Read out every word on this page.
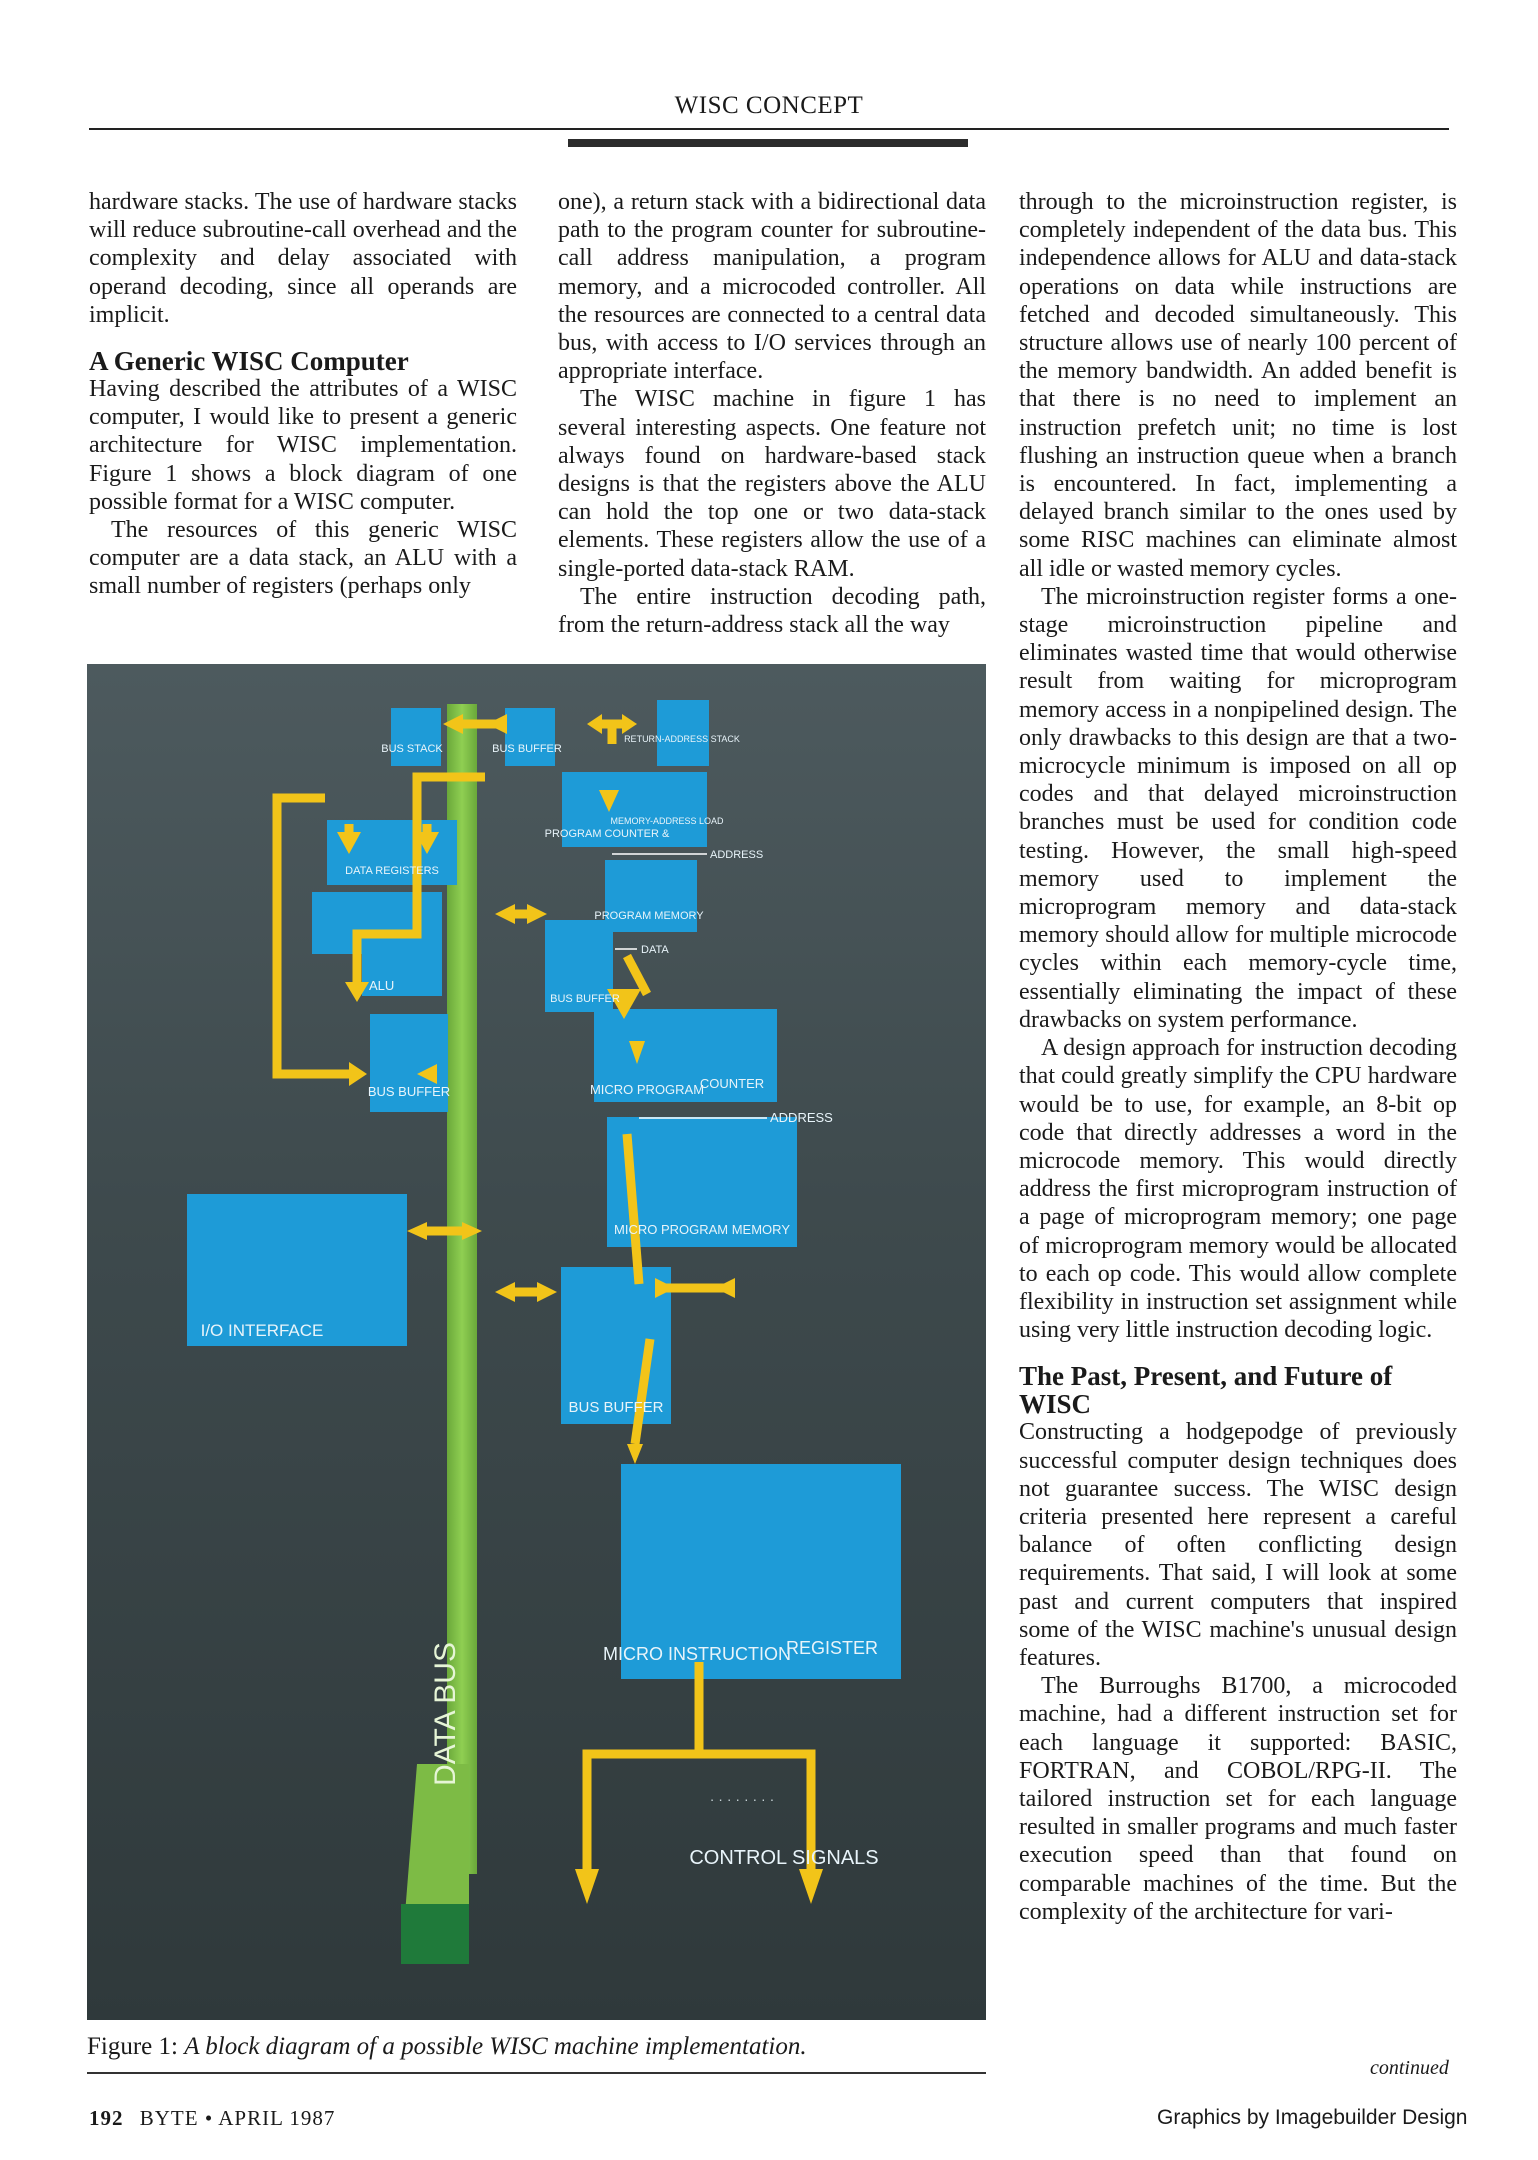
WISC CONCEPT

hardware stacks. The use of hardware stacks will reduce subroutine-call overhead and the complexity and delay associated with operand decoding, since all operands are implicit.

A Generic WISC Computer

Having described the attributes of a WISC computer, I would like to present a generic architecture for WISC implementation. Figure 1 shows a block diagram of one possible format for a WISC computer.

The resources of this generic WISC computer are a data stack, an ALU with a small number of registers (perhaps only

one), a return stack with a bidirectional data path to the program counter for subroutine-call address manipulation, a program memory, and a microcoded controller. All the resources are connected to a central data bus, with access to I/O services through an appropriate interface.

The WISC machine in figure 1 has several interesting aspects. One feature not always found on hardware-based stack designs is that the registers above the ALU can hold the top one or two data-stack elements. These registers allow the use of a single-ported data-stack RAM.

The entire instruction decoding path, from the return-address stack all the way

through to the microinstruction register, is completely independent of the data bus. This independence allows for ALU and data-stack operations on data while instructions are fetched and decoded simultaneously. This structure allows use of nearly 100 percent of the memory bandwidth. An added benefit is that there is no need to implement an instruction prefetch unit; no time is lost flushing an instruction queue when a branch is encountered. In fact, implementing a delayed branch similar to the ones used by some RISC machines can eliminate almost all idle or wasted memory cycles.

The microinstruction register forms a one-stage microinstruction pipeline and eliminates wasted time that would otherwise result from waiting for microprogram memory access in a nonpipelined design. The only drawbacks to this design are that a two-microcycle minimum is imposed on all op codes and that delayed microinstruction branches must be used for condition code testing. However, the small high-speed memory used to implement the microprogram memory and data-stack memory should allow for multiple microcode cycles within each memory-cycle time, essentially eliminating the impact of these drawbacks on system performance.

A design approach for instruction decoding that could greatly simplify the CPU hardware would be to use, for example, an 8-bit op code that directly addresses a word in the microcode memory. This would directly address the first microprogram instruction of a page of microprogram memory; one page of microprogram memory would be allocated to each op code. This would allow complete flexibility in instruction set assignment while using very little instruction decoding logic.

The Past, Present, and Future of WISC

Constructing a hodgepodge of previously successful computer design techniques does not guarantee success. The WISC design criteria presented here represent a careful balance of often conflicting design requirements. That said, I will look at some past and current computers that inspired some of the WISC machine's unusual design features.

The Burroughs B1700, a microcoded machine, had a different instruction set for each language it supported: BASIC, FORTRAN, and COBOL/RPG-II. The tailored instruction set for each language resulted in smaller programs and much faster execution speed than that found on comparable machines of the time. But the complexity of the architecture for vari-

DATA BUS
BUS STACK	BUS BUFFER
RETURN-ADDRESS STACK
PROGRAM COUNTER &
MEMORY-ADDRESS LOAD
DATA REGISTERS
PROGRAM MEMORY
BUS BUFFER
ALU
ADDRESS
DATA
ADDRESS
BUS BUFFER	MICRO PROGRAM
COUNTER
MICRO PROGRAM MEMORY
BUS BUFFER
I/O INTERFACE
MICRO INSTRUCTION
REGISTER
CONTROL SIGNALS
· · · · · · · ·
Figure 1: A block diagram of a possible WISC machine implementation.
continued
192 BYTE • APRIL 1987	Graphics by Imagebuilder Design
